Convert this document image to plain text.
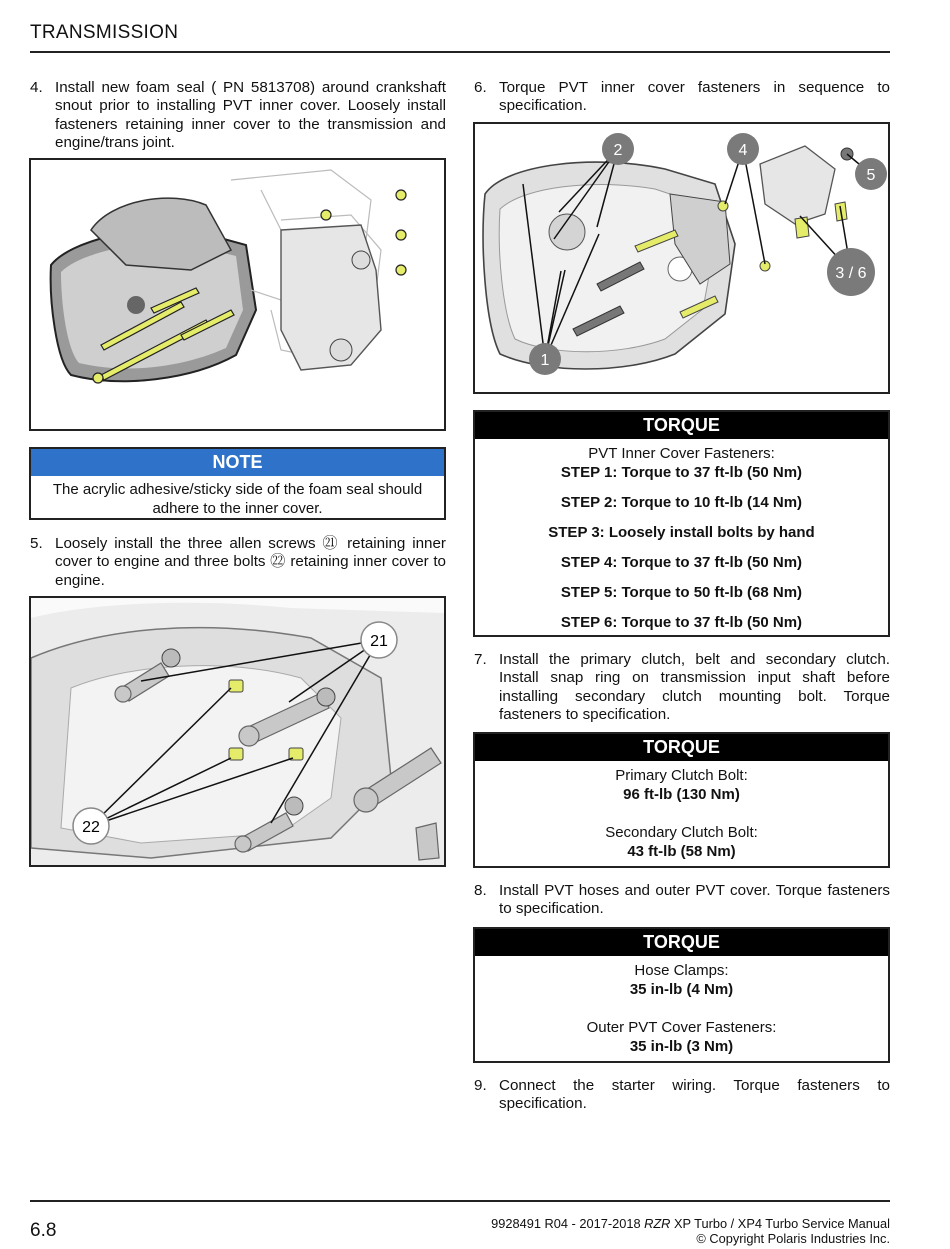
TRANSMISSION
4. Install new foam seal ( PN 5813708) around crankshaft snout prior to installing PVT inner cover. Loosely install fasteners retaining inner cover to the transmission and engine/trans joint.
NOTE
The acrylic adhesive/sticky side of the foam seal should adhere to the inner cover.
5. Loosely install the three allen screws ㉑ retaining inner cover to engine and three bolts ㉒ retaining inner cover to engine.
21
22
6. Torque PVT inner cover fasteners in sequence to specification.
2	4
5
3 / 6
1
TORQUE
PVT Inner Cover Fasteners:
STEP 1: Torque to 37 ft-lb (50 Nm)
STEP 2: Torque to 10 ft-lb (14 Nm)
STEP 3: Loosely install bolts by hand
STEP 4: Torque to 37 ft-lb (50 Nm)
STEP 5: Torque to 50 ft-lb (68 Nm)
STEP 6: Torque to 37 ft-lb (50 Nm)
7. Install the primary clutch, belt and secondary clutch. Install snap ring on transmission input shaft before installing secondary clutch mounting bolt. Torque fasteners to specification.
TORQUE
Primary Clutch Bolt:
96 ft-lb (130 Nm)
Secondary Clutch Bolt:
43 ft-lb (58 Nm)
8. Install PVT hoses and outer PVT cover. Torque fasteners to specification.
TORQUE
Hose Clamps:
35 in-lb (4 Nm)
Outer PVT Cover Fasteners:
35 in-lb (3 Nm)
9. Connect the starter wiring. Torque fasteners to specification.
6.8	9928491 R04 - 2017-2018 RZR XP Turbo / XP4 Turbo Service Manual
© Copyright Polaris Industries Inc.
